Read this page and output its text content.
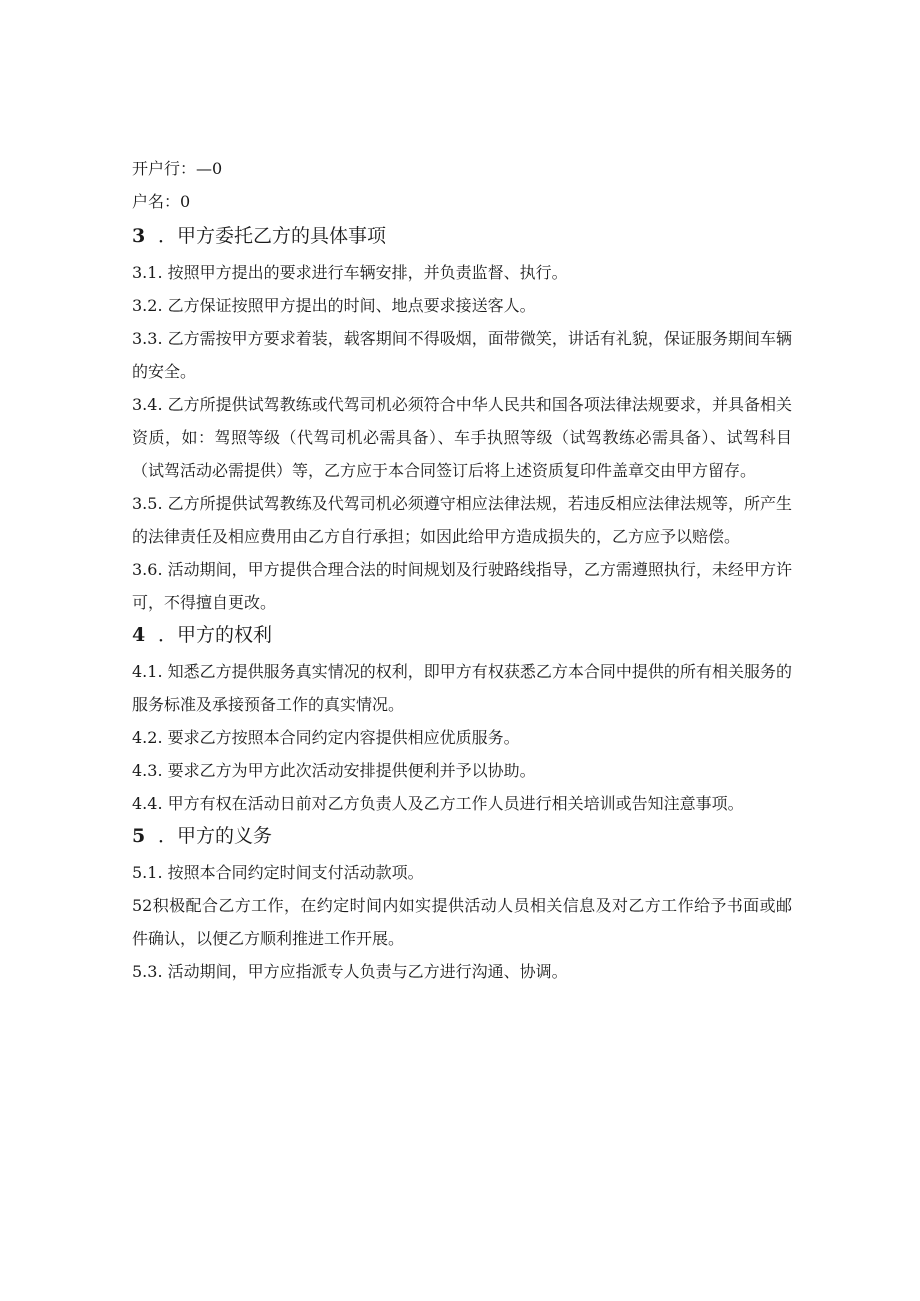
开户行：—0
户名：0
3 ．甲方委托乙方的具体事项
3.1. 按照甲方提出的要求进行车辆安排，并负责监督、执行。
3.2. 乙方保证按照甲方提出的时间、地点要求接送客人。
3.3. 乙方需按甲方要求着装，载客期间不得吸烟，面带微笑，讲话有礼貌，保证服务期间车辆的安全。
3.4. 乙方所提供试驾教练或代驾司机必须符合中华人民共和国各项法律法规要求，并具备相关资质，如：驾照等级（代驾司机必需具备）、车手执照等级（试驾教练必需具备）、试驾科目（试驾活动必需提供）等，乙方应于本合同签订后将上述资质复印件盖章交由甲方留存。
3.5. 乙方所提供试驾教练及代驾司机必须遵守相应法律法规，若违反相应法律法规等，所产生的法律责任及相应费用由乙方自行承担；如因此给甲方造成损失的，乙方应予以赔偿。
3.6. 活动期间，甲方提供合理合法的时间规划及行驶路线指导，乙方需遵照执行，未经甲方许可，不得擅自更改。
4 ．甲方的权利
4.1. 知悉乙方提供服务真实情况的权利，即甲方有权获悉乙方本合同中提供的所有相关服务的服务标准及承接预备工作的真实情况。
4.2. 要求乙方按照本合同约定内容提供相应优质服务。
4.3. 要求乙方为甲方此次活动安排提供便利并予以协助。
4.4. 甲方有权在活动日前对乙方负责人及乙方工作人员进行相关培训或告知注意事项。
5 ．甲方的义务
5.1. 按照本合同约定时间支付活动款项。
52积极配合乙方工作，在约定时间内如实提供活动人员相关信息及对乙方工作给予书面或邮件确认，以便乙方顺利推进工作开展。
5.3. 活动期间，甲方应指派专人负责与乙方进行沟通、协调。
